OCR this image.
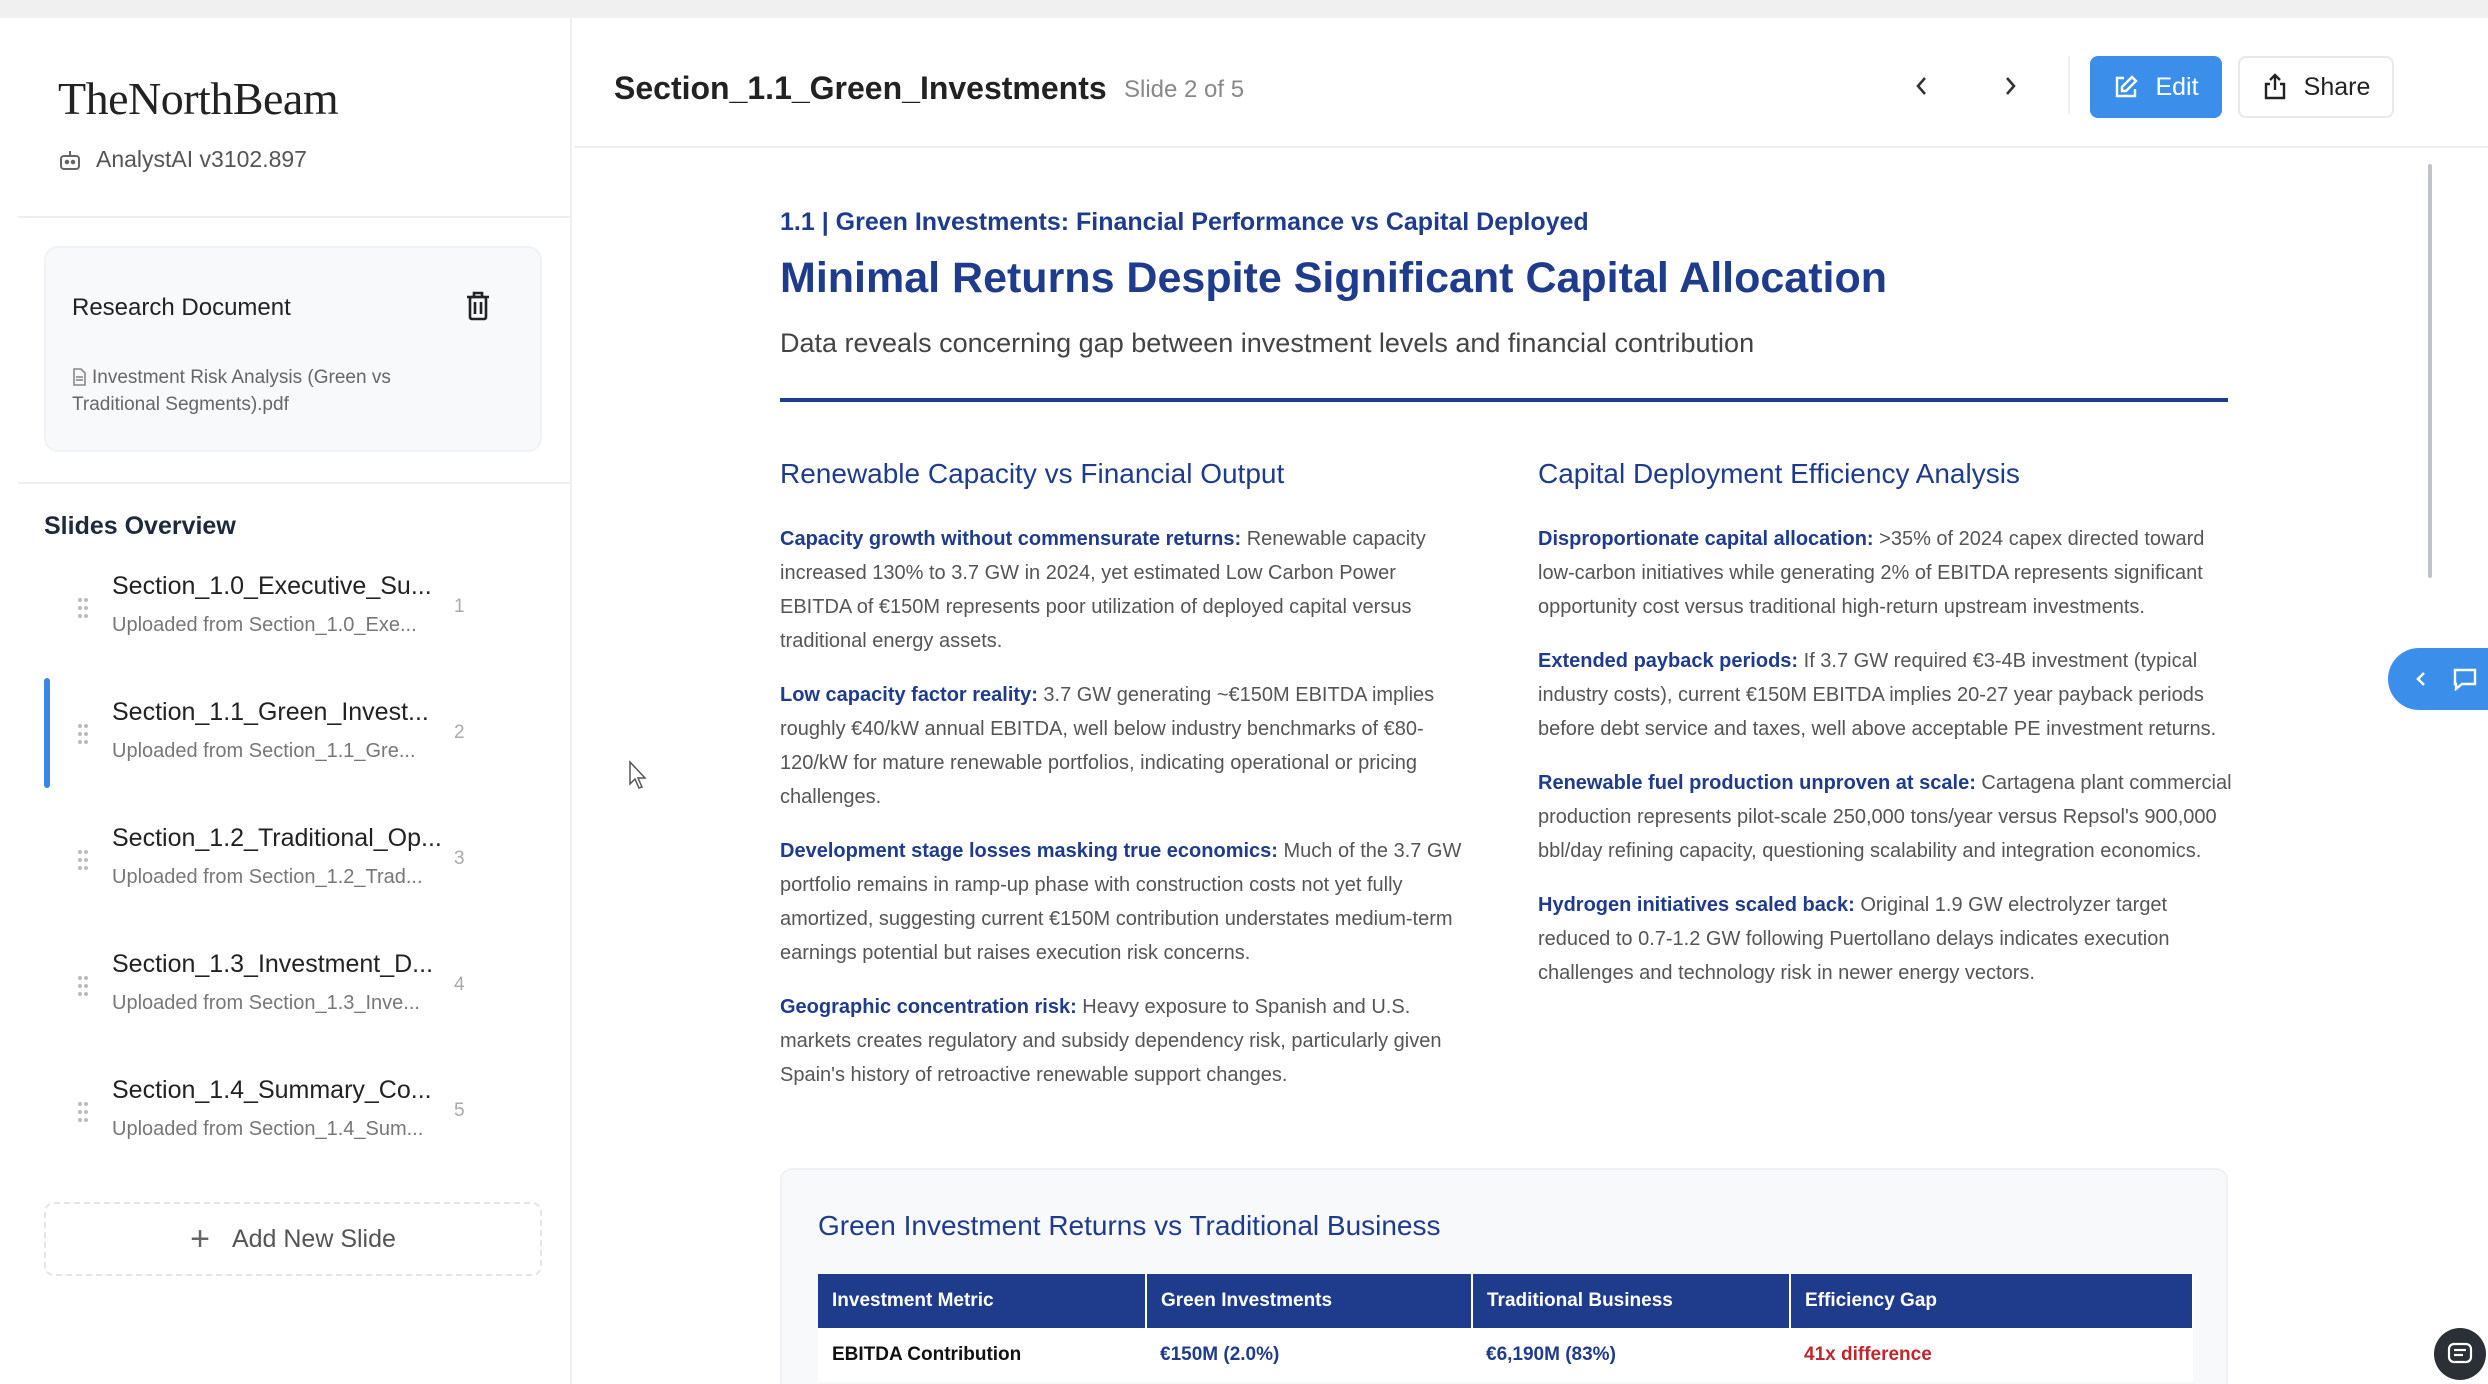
TheNorthBeam
AnalystAI v3102.897
Research Document
Investment Risk Analysis (Green vs Traditional Segments).pdf
Slides Overview
Section_1.0_Executive_Su...
Uploaded from Section_1.0_Exe...
1
Section_1.1_Green_Invest...
Uploaded from Section_1.1_Gre...
2
Section_1.2_Traditional_Op...
Uploaded from Section_1.2_Trad...
3
Section_1.3_Investment_D...
Uploaded from Section_1.3_Inve...
4
Section_1.4_Summary_Co...
Uploaded from Section_1.4_Sum...
5
+ Add New Slide
Section_1.1_Green_Investments Slide 2 of 5	Edit	Share
1.1 | Green Investments: Financial Performance vs Capital Deployed
Minimal Returns Despite Significant Capital Allocation
Data reveals concerning gap between investment levels and financial contribution
Renewable Capacity vs Financial Output

Capacity growth without commensurate returns: Renewable capacity increased 130% to 3.7 GW in 2024, yet estimated Low Carbon Power EBITDA of €150M represents poor utilization of deployed capital versus traditional energy assets.

Low capacity factor reality: 3.7 GW generating ~€150M EBITDA implies roughly €40/kW annual EBITDA, well below industry benchmarks of €80-120/kW for mature renewable portfolios, indicating operational or pricing challenges.

Development stage losses masking true economics: Much of the 3.7 GW portfolio remains in ramp-up phase with construction costs not yet fully amortized, suggesting current €150M contribution understates medium-term earnings potential but raises execution risk concerns.

Geographic concentration risk: Heavy exposure to Spanish and U.S. markets creates regulatory and subsidy dependency risk, particularly given Spain's history of retroactive renewable support changes.

Capital Deployment Efficiency Analysis

Disproportionate capital allocation: >35% of 2024 capex directed toward low-carbon initiatives while generating 2% of EBITDA represents significant opportunity cost versus traditional high-return upstream investments.

Extended payback periods: If 3.7 GW required €3-4B investment (typical industry costs), current €150M EBITDA implies 20-27 year payback periods before debt service and taxes, well above acceptable PE investment returns.

Renewable fuel production unproven at scale: Cartagena plant commercial production represents pilot-scale 250,000 tons/year versus Repsol's 900,000 bbl/day refining capacity, questioning scalability and integration economics.

Hydrogen initiatives scaled back: Original 1.9 GW electrolyzer target reduced to 0.7-1.2 GW following Puertollano delays indicates execution challenges and technology risk in newer energy vectors.

Green Investment Returns vs Traditional Business
Investment Metric	Green Investments	Traditional Business	Efficiency Gap
EBITDA Contribution	€150M (2.0%)	€6,190M (83%)	41x difference
